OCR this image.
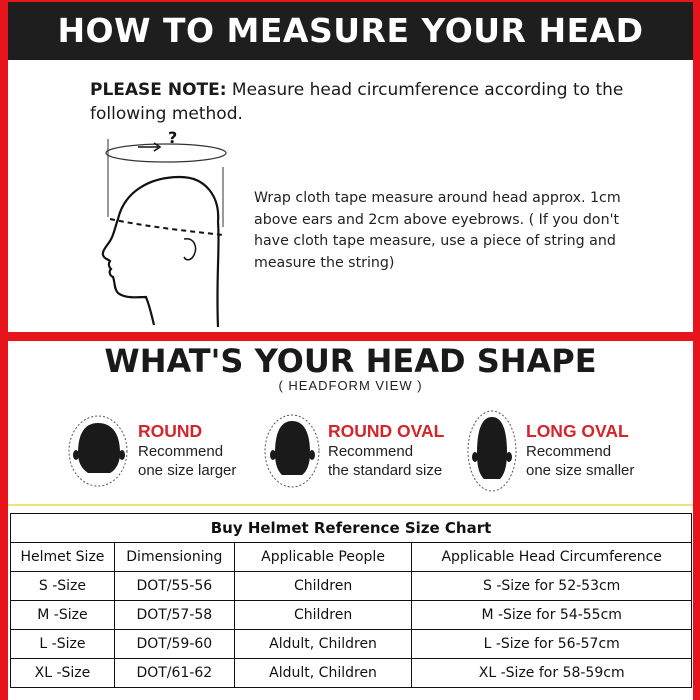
HOW TO MEASURE YOUR HEAD
PLEASE NOTE: Measure head circumference according to the following method.
?
Wrap cloth tape measure around head approx. 1cm above ears and 2cm above eyebrows. ( If you don't have cloth tape measure, use a piece of string and measure the string)
WHAT'S YOUR HEAD SHAPE
( HEADFORM VIEW )
ROUND
Recommend
one size larger
ROUND OVAL
Recommend
the standard size
LONG OVAL
Recommend
one size smaller
Buy Helmet Reference Size Chart			
Helmet Size	Dimensioning	Applicable People	Applicable Head Circumference
S -Size	DOT/55-56	Children	S -Size for 52-53cm
M -Size	DOT/57-58	Children	M -Size for 54-55cm
L -Size	DOT/59-60	Aldult, Children	L -Size for 56-57cm
XL -Size	DOT/61-62	Aldult, Children	XL -Size for 58-59cm
